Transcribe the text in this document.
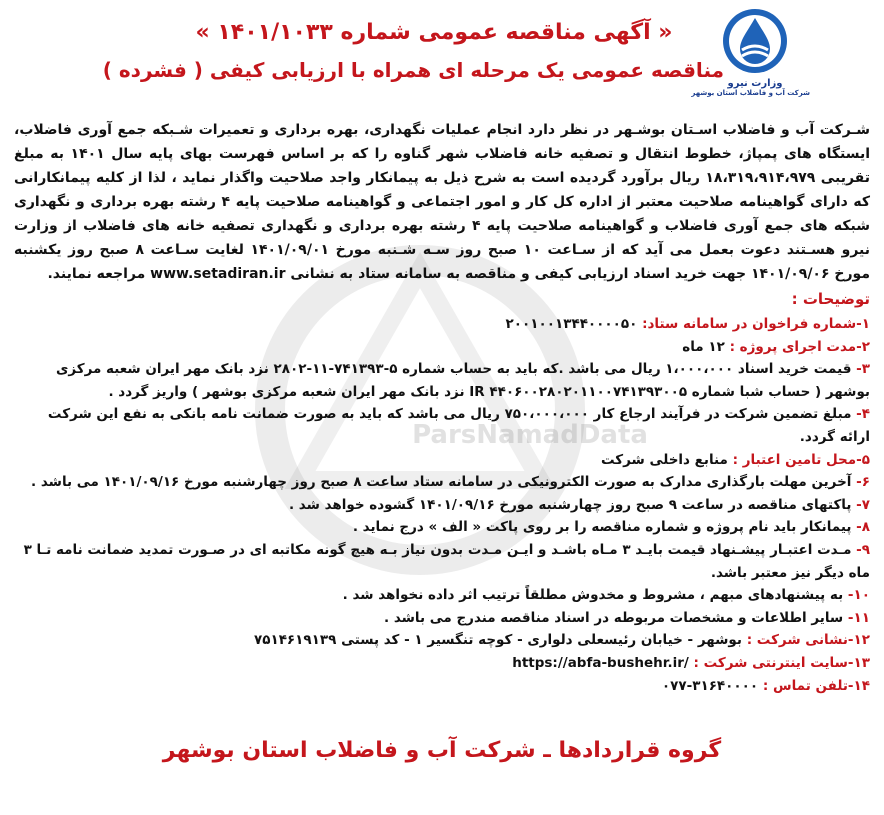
ParsNamadData
وزارت نیرو
شرکت آب و فاضلاب استان بوشهر
« آگهی مناقصه عمومی شماره ۱۴۰۱/۱۰۳۳ »
مناقصه عمومی یک مرحله ای همراه با ارزیابی کیفی ( فشرده )
شـرکت آب و فاضلاب اسـتان بوشـهر در نظر دارد انجام عملیات نگهداری، بهره برداری و تعمیرات شـبکه جمع آوری فاضلاب، ایستگاه های پمپاژ، خطوط انتقال و تصفیه خانه فاضلاب شهر گناوه را که بر اساس فهرست بهای پایه سال ۱۴۰۱ به مبلغ تقریبی ۱۸،۳۱۹،۹۱۴،۹۷۹ ریال برآورد گردیده است به شرح ذیل به پیمانکار واجد صلاحیت واگذار نماید ، لذا از کلیه پیمانکارانی که دارای گواهینامه صلاحیت معتبر از اداره کل کار و امور اجتماعی و گواهینامه صلاحیت پایه ۴ رشته بهره برداری و نگهداری شبکه های جمع آوری فاضلاب و گواهینامه صلاحیت پایه ۴ رشته بهره برداری و نگهداری تصفیه خانه های فاضلاب از وزارت نیرو هسـتند دعوت بعمل می آید که از سـاعت ۱۰ صبح روز سـه شـنبه مورخ ۱۴۰۱/۰۹/۰۱ لغایت سـاعت ۸ صبح روز یکشنبه مورخ ۱۴۰۱/۰۹/۰۶ جهت خرید اسناد ارزیابی کیفی و مناقصه به سامانه ستاد به نشانی www.setadiran.ir مراجعه نمایند.
توضیحات :
۱-شماره فراخوان در سامانه ستاد: ۲۰۰۱۰۰۱۳۴۴۰۰۰۰۵۰
۲-مدت اجرای پروژه : ۱۲ ماه
۳- قیمت خرید اسناد ۱،۰۰۰،۰۰۰ ریال می باشد .که باید به حساب شماره ۵-۷۴۱۳۹۳-۱۱-۲۸۰۲ نزد بانک مهر ایران شعبه مرکزی بوشهر ( حساب شبا شماره IR ۴۴۰۶۰۰۲۸۰۲۰۱۱۰۰۷۴۱۳۹۳۰۰۵ نزد بانک مهر ایران شعبه مرکزی بوشهر ) واریز گردد .
۴- مبلغ تضمین شرکت در فرآیند ارجاع کار ۷۵۰،۰۰۰،۰۰۰ ریال می باشد که باید به صورت ضمانت نامه بانکی به نفع این شرکت ارائه گردد.
۵-محل تامین اعتبار : منابع داخلی شرکت
۶- آخرین مهلت بارگذاری مدارک به صورت الکترونیکی در سامانه ستاد ساعت ۸ صبح روز چهارشنبه مورخ ۱۴۰۱/۰۹/۱۶ می باشد .
۷- پاکتهای مناقصه در ساعت ۹ صبح روز چهارشنبه مورخ ۱۴۰۱/۰۹/۱۶ گشوده خواهد شد .
۸- پیمانکار باید نام پروژه و شماره مناقصه را بر روی پاکت « الف » درج نماید .
۹- مـدت اعتبـار پیشـنهاد قیمت بایـد ۳ مـاه باشـد و ایـن مـدت بدون نیاز بـه هیچ گونه مکاتبه ای در صـورت تمدید ضمانت نامه تـا ۳ ماه دیگر نیز معتبر باشد.
۱۰- به پیشنهادهای مبهم ، مشروط و مخدوش مطلقاً ترتیب اثر داده نخواهد شد .
۱۱- سایر اطلاعات و مشخصات مربوطه در اسناد مناقصه مندرج می باشد .
۱۲-نشانی شرکت : بوشهر - خیابان رئیسعلی دلواری - کوچه تنگسیر ۱ - کد پستی ۷۵۱۴۶۱۹۱۳۹
۱۳-سایت اینترنتی شرکت : https://abfa-bushehr.ir/
۱۴-تلفن تماس : ۰۷۷-۳۱۶۴۰۰۰۰
گروه قراردادها ـ شرکت آب و فاضلاب استان بوشهر
